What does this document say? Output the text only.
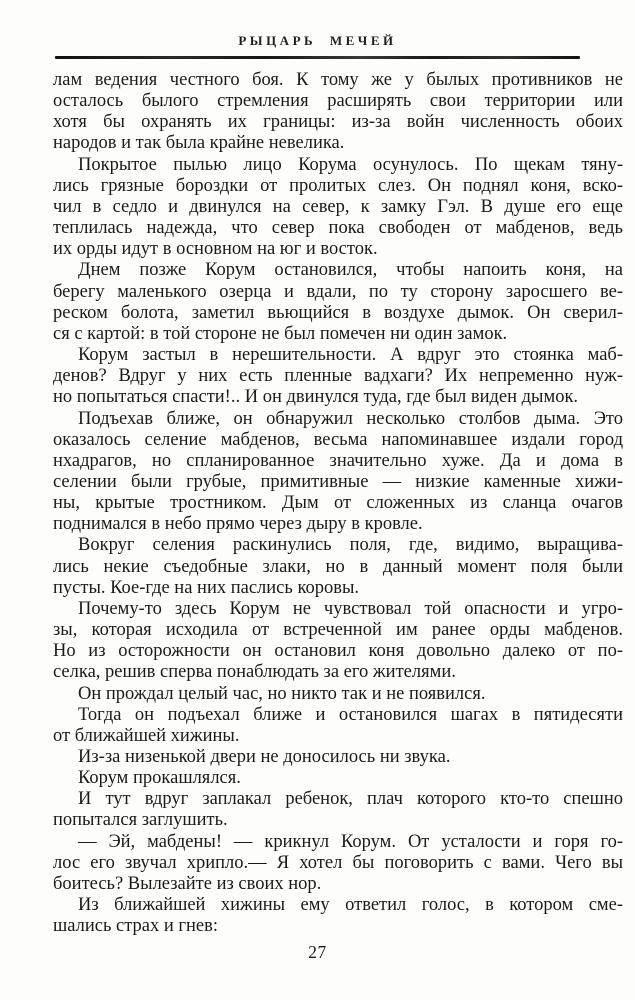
РЫЦАРЬ МЕЧЕЙ
лам ведения честного боя. К тому же у былых противников не
осталось былого стремления расширять свои территории или
хотя бы охранять их границы: из-за войн численность обоих
народов и так была крайне невелика.
Покрытое пылью лицо Корума осунулось. По щекам тяну-
лись грязные бороздки от пролитых слез. Он поднял коня, вско-
чил в седло и двинулся на север, к замку Гэл. В душе его еще
теплилась надежда, что север пока свободен от мабденов, ведь
их орды идут в основном на юг и восток.
Днем позже Корум остановился, чтобы напоить коня, на
берегу маленького озерца и вдали, по ту сторону заросшего ве-
реском болота, заметил вьющийся в воздухе дымок. Он сверил-
ся с картой: в той стороне не был помечен ни один замок.
Корум застыл в нерешительности. А вдруг это стоянка маб-
денов? Вдруг у них есть пленные вадхаги? Их непременно нуж-
но попытаться спасти!.. И он двинулся туда, где был виден дымок.
Подъехав ближе, он обнаружил несколько столбов дыма. Это
оказалось селение мабденов, весьма напоминавшее издали город
нхадрагов, но спланированное значительно хуже. Да и дома в
селении были грубые, примитивные — низкие каменные хижи-
ны, крытые тростником. Дым от сложенных из сланца очагов
поднимался в небо прямо через дыру в кровле.
Вокруг селения раскинулись поля, где, видимо, выращива-
лись некие съедобные злаки, но в данный момент поля были
пусты. Кое-где на них паслись коровы.
Почему-то здесь Корум не чувствовал той опасности и угро-
зы, которая исходила от встреченной им ранее орды мабденов.
Но из осторожности он остановил коня довольно далеко от по-
селка, решив сперва понаблюдать за его жителями.
Он прождал целый час, но никто так и не появился.
Тогда он подъехал ближе и остановился шагах в пятидесяти
от ближайшей хижины.
Из-за низенькой двери не доносилось ни звука.
Корум прокашлялся.
И тут вдруг заплакал ребенок, плач которого кто-то спешно
попытался заглушить.
— Эй, мабдены! — крикнул Корум. От усталости и горя го-
лос его звучал хрипло.— Я хотел бы поговорить с вами. Чего вы
боитесь? Вылезайте из своих нор.
Из ближайшей хижины ему ответил голос, в котором сме-
шались страх и гнев:
27
